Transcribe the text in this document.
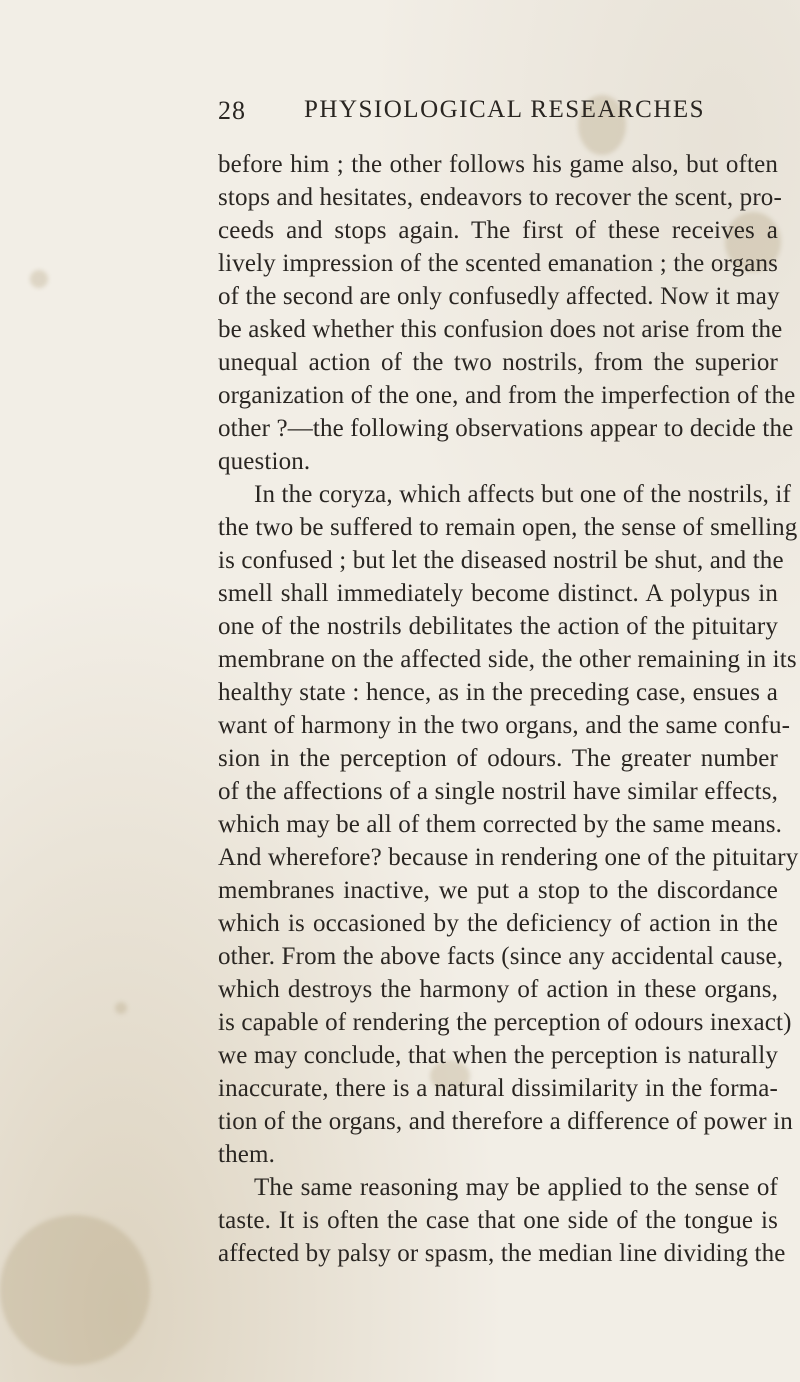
28 PHYSIOLOGICAL RESEARCHES
before him ; the other follows his game also, but often
stops and hesitates, endeavors to recover the scent, pro-
ceeds and stops again. The first of these receives a
lively impression of the scented emanation ; the organs
of the second are only confusedly affected. Now it may
be asked whether this confusion does not arise from the
unequal action of the two nostrils, from the superior
organization of the one, and from the imperfection of the
other ?—the following observations appear to decide the
question.
In the coryza, which affects but one of the nostrils, if
the two be suffered to remain open, the sense of smelling
is confused ; but let the diseased nostril be shut, and the
smell shall immediately become distinct. A polypus in
one of the nostrils debilitates the action of the pituitary
membrane on the affected side, the other remaining in its
healthy state : hence, as in the preceding case, ensues a
want of harmony in the two organs, and the same confu-
sion in the perception of odours. The greater number
of the affections of a single nostril have similar effects,
which may be all of them corrected by the same means.
And wherefore? because in rendering one of the pituitary
membranes inactive, we put a stop to the discordance
which is occasioned by the deficiency of action in the
other. From the above facts (since any accidental cause,
which destroys the harmony of action in these organs,
is capable of rendering the perception of odours inexact)
we may conclude, that when the perception is naturally
inaccurate, there is a natural dissimilarity in the forma-
tion of the organs, and therefore a difference of power in
them.
The same reasoning may be applied to the sense of
taste. It is often the case that one side of the tongue is
affected by palsy or spasm, the median line dividing the
